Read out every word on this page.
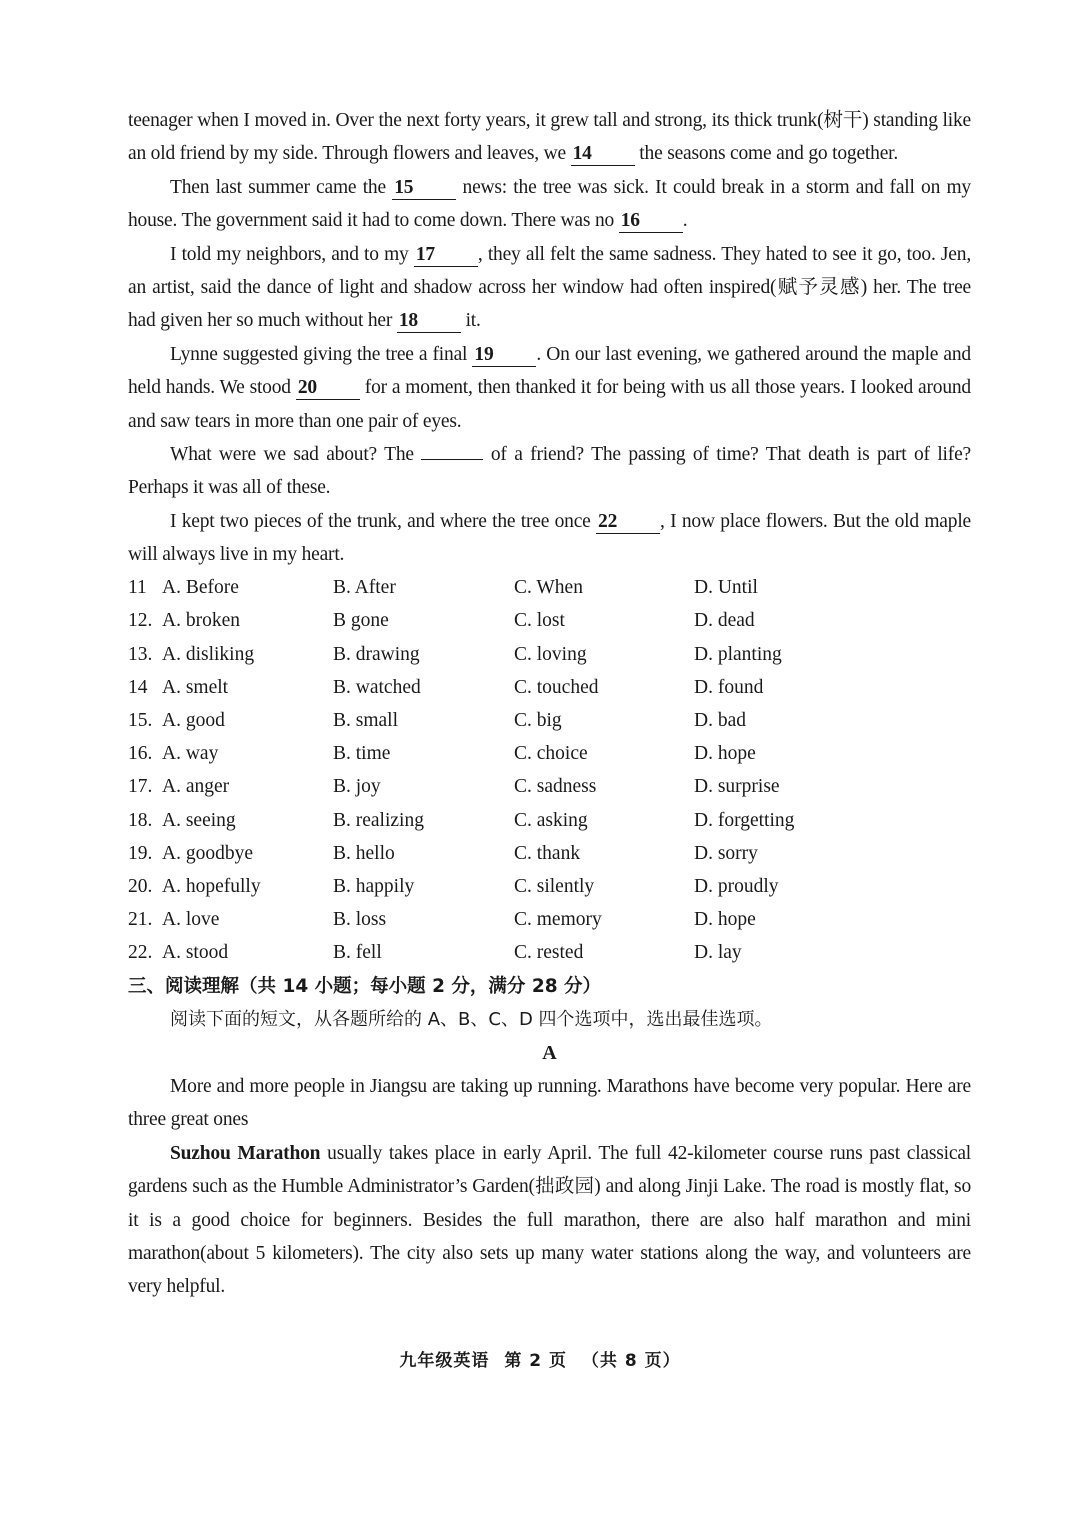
teenager when I moved in. Over the next forty years, it grew tall and strong, its thick trunk(树干) standing like an old friend by my side. Through flowers and leaves, we 14 the seasons come and go together.

Then last summer came the 15	news: the tree was sick. It could break in a storm and fall on my house. The government said it had to come down. There was no 16 .

I told my neighbors, and to my 17 , they all felt the same sadness. They hated to see it go, too. Jen, an artist, said the dance of light and shadow across her window had often inspired(赋予灵感) her. The tree had given her so much without her 18 it.

Lynne suggested giving the tree a final 19 . On our last evening, we gathered around the maple and held hands. We stood 20 for a moment, then thanked it for being with us all those years. I looked around and saw tears in more than one pair of eyes.

What were we sad about? The	of a friend? The passing of time? That death is part of life? Perhaps it was all of these.

I kept two pieces of the trunk, and where the tree once 22 , I now place flowers. But the old maple will always live in my heart.

11 A. Before	B. After	C. When	D. Until
12. A. broken	B gone	C. lost	D. dead
13. A. disliking	B. drawing	C. loving	D. planting
14 A. smelt	B. watched	C. touched	D. found
15. A. good	B. small	C. big	D. bad
16. A. way	B. time	C. choice	D. hope
17. A. anger	B. joy	C. sadness	D. surprise
18. A. seeing	B. realizing	C. asking	D. forgetting
19. A. goodbye	B. hello	C. thank	D. sorry
20. A. hopefully	B. happily	C. silently	D. proudly
21. A. love	B. loss	C. memory	D. hope
22. A. stood	B. fell	C. rested	D. lay

三、阅读理解（共 14 小题；每小题 2 分，满分 28 分）

阅读下面的短文，从各题所给的 A、B、C、D 四个选项中，选出最佳选项。

A

More and more people in Jiangsu are taking up running. Marathons have become very popular. Here are three great ones

Suzhou Marathon usually takes place in early April. The full 42-kilometer course runs past classical gardens such as the Humble Administrator’s Garden(拙政园) and along Jinji Lake. The road is mostly flat, so it is a good choice for beginners. Besides the full marathon, there are also half marathon and mini marathon(about 5 kilometers). The city also sets up many water stations along the way, and volunteers are very helpful.

九年级英语 第 2 页 （共 8 页）
